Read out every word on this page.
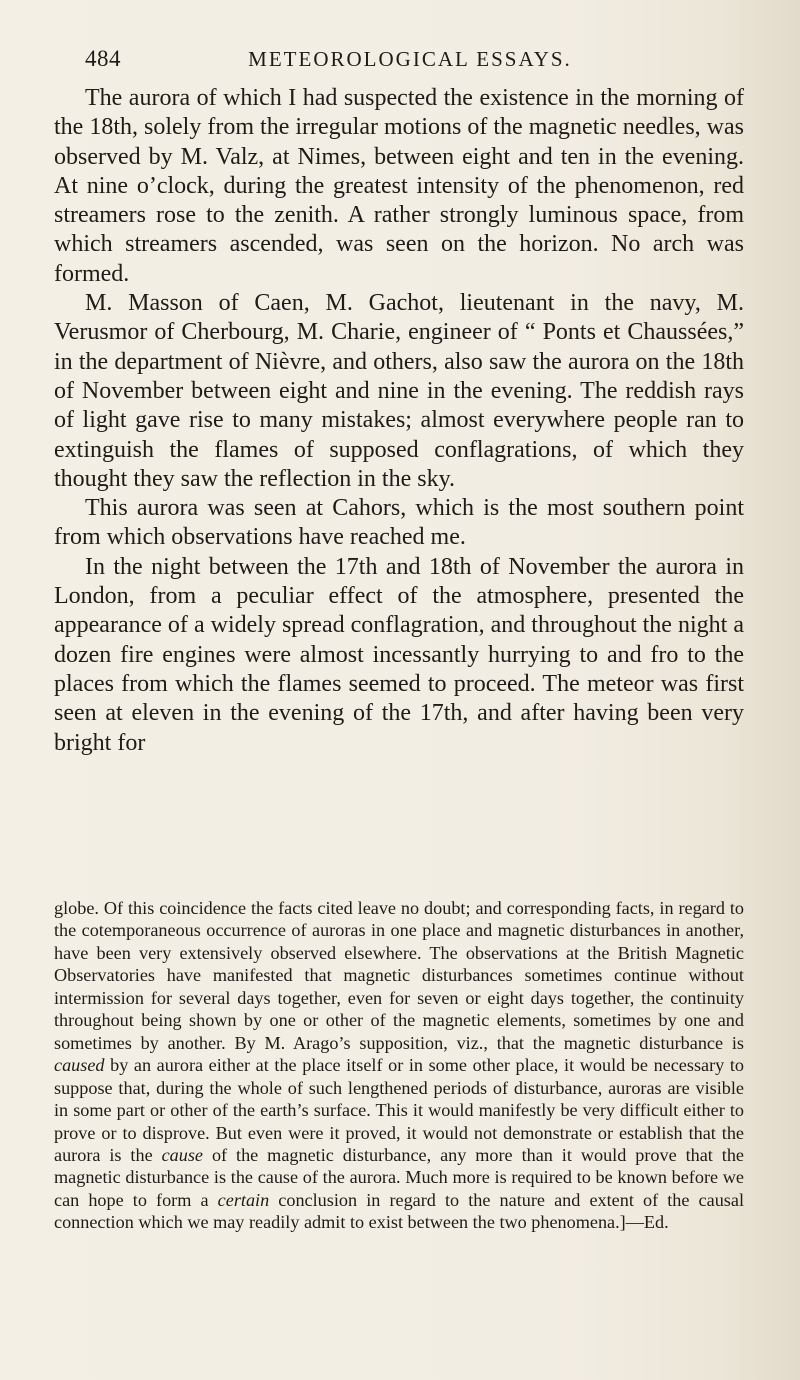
484	METEOROLOGICAL ESSAYS.

The aurora of which I had suspected the existence in the morning of the 18th, solely from the irregular motions of the magnetic needles, was observed by M. Valz, at Nimes, between eight and ten in the evening. At nine o’clock, during the greatest intensity of the phenomenon, red streamers rose to the zenith. A rather strongly luminous space, from which streamers ascended, was seen on the horizon. No arch was formed.

M. Masson of Caen, M. Gachot, lieutenant in the navy, M. Verusmor of Cherbourg, M. Charie, engineer of “ Ponts et Chaussées,” in the department of Nièvre, and others, also saw the aurora on the 18th of November between eight and nine in the evening. The reddish rays of light gave rise to many mistakes; almost everywhere people ran to extinguish the flames of supposed conflagrations, of which they thought they saw the reflection in the sky.

This aurora was seen at Cahors, which is the most southern point from which observations have reached me.

In the night between the 17th and 18th of November the aurora in London, from a peculiar effect of the atmosphere, presented the appearance of a widely spread conflagration, and throughout the night a dozen fire engines were almost incessantly hurrying to and fro to the places from which the flames seemed to proceed. The meteor was first seen at eleven in the evening of the 17th, and after having been very bright for

globe. Of this coincidence the facts cited leave no doubt; and corresponding facts, in regard to the cotemporaneous occurrence of auroras in one place and magnetic disturbances in another, have been very extensively observed elsewhere. The observations at the British Magnetic Observatories have manifested that magnetic disturbances sometimes continue without intermission for several days together, even for seven or eight days together, the continuity throughout being shown by one or other of the magnetic elements, sometimes by one and sometimes by another. By M. Arago’s supposition, viz., that the magnetic disturbance is caused by an aurora either at the place itself or in some other place, it would be necessary to suppose that, during the whole of such lengthened periods of disturbance, auroras are visible in some part or other of the earth’s surface. This it would manifestly be very difficult either to prove or to disprove. But even were it proved, it would not demonstrate or establish that the aurora is the cause of the magnetic disturbance, any more than it would prove that the magnetic disturbance is the cause of the aurora. Much more is required to be known before we can hope to form a certain conclusion in regard to the nature and extent of the causal connection which we may readily admit to exist between the two phenomena.]—Ed.
